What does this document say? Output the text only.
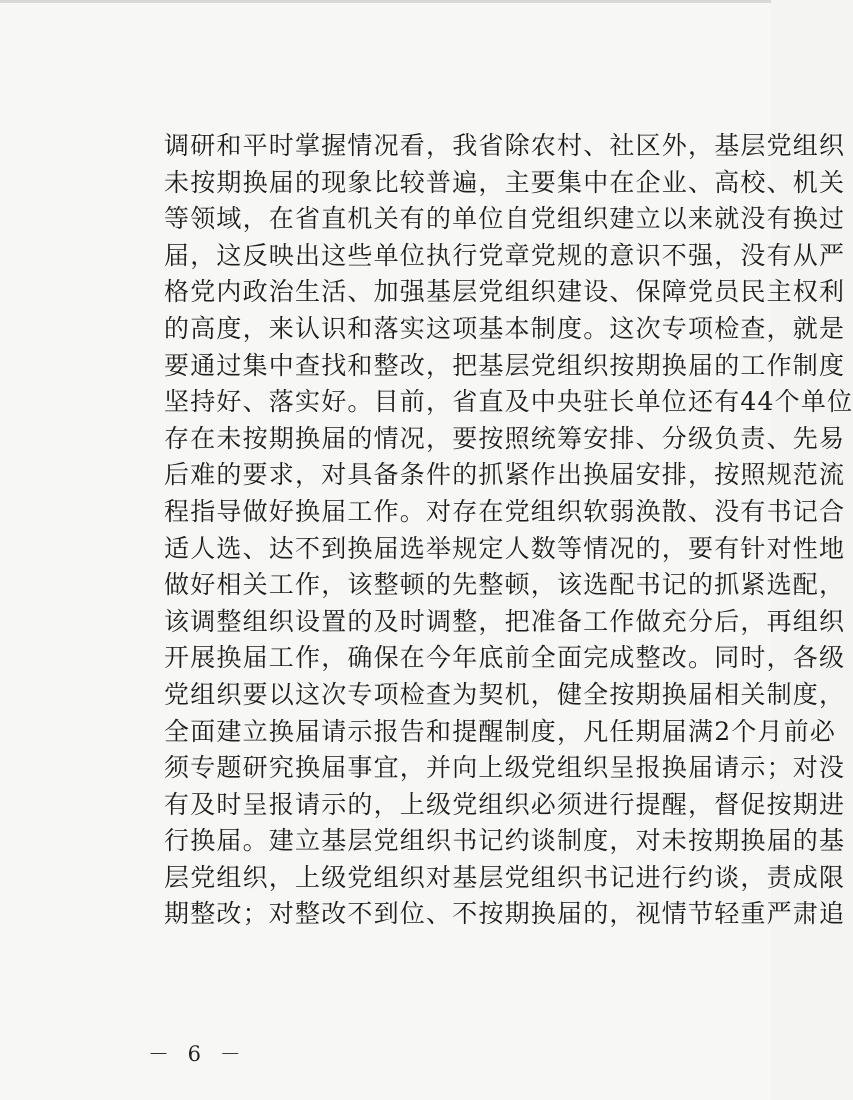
调研和平时掌握情况看，我省除农村、社区外，基层党组织
未按期换届的现象比较普遍，主要集中在企业、高校、机关
等领域，在省直机关有的单位自党组织建立以来就没有换过
届，这反映出这些单位执行党章党规的意识不强，没有从严
格党内政治生活、加强基层党组织建设、保障党员民主权利
的高度，来认识和落实这项基本制度。这次专项检查，就是
要通过集中查找和整改，把基层党组织按期换届的工作制度
坚持好、落实好。目前，省直及中央驻长单位还有44个单位
存在未按期换届的情况，要按照统筹安排、分级负责、先易
后难的要求，对具备条件的抓紧作出换届安排，按照规范流
程指导做好换届工作。对存在党组织软弱涣散、没有书记合
适人选、达不到换届选举规定人数等情况的，要有针对性地
做好相关工作，该整顿的先整顿，该选配书记的抓紧选配，
该调整组织设置的及时调整，把准备工作做充分后，再组织
开展换届工作，确保在今年底前全面完成整改。同时，各级
党组织要以这次专项检查为契机，健全按期换届相关制度，
全面建立换届请示报告和提醒制度，凡任期届满2个月前必
须专题研究换届事宜，并向上级党组织呈报换届请示；对没
有及时呈报请示的，上级党组织必须进行提醒，督促按期进
行换届。建立基层党组织书记约谈制度，对未按期换届的基
层党组织，上级党组织对基层党组织书记进行约谈，责成限
期整改；对整改不到位、不按期换届的，视情节轻重严肃追
－ 6 －
